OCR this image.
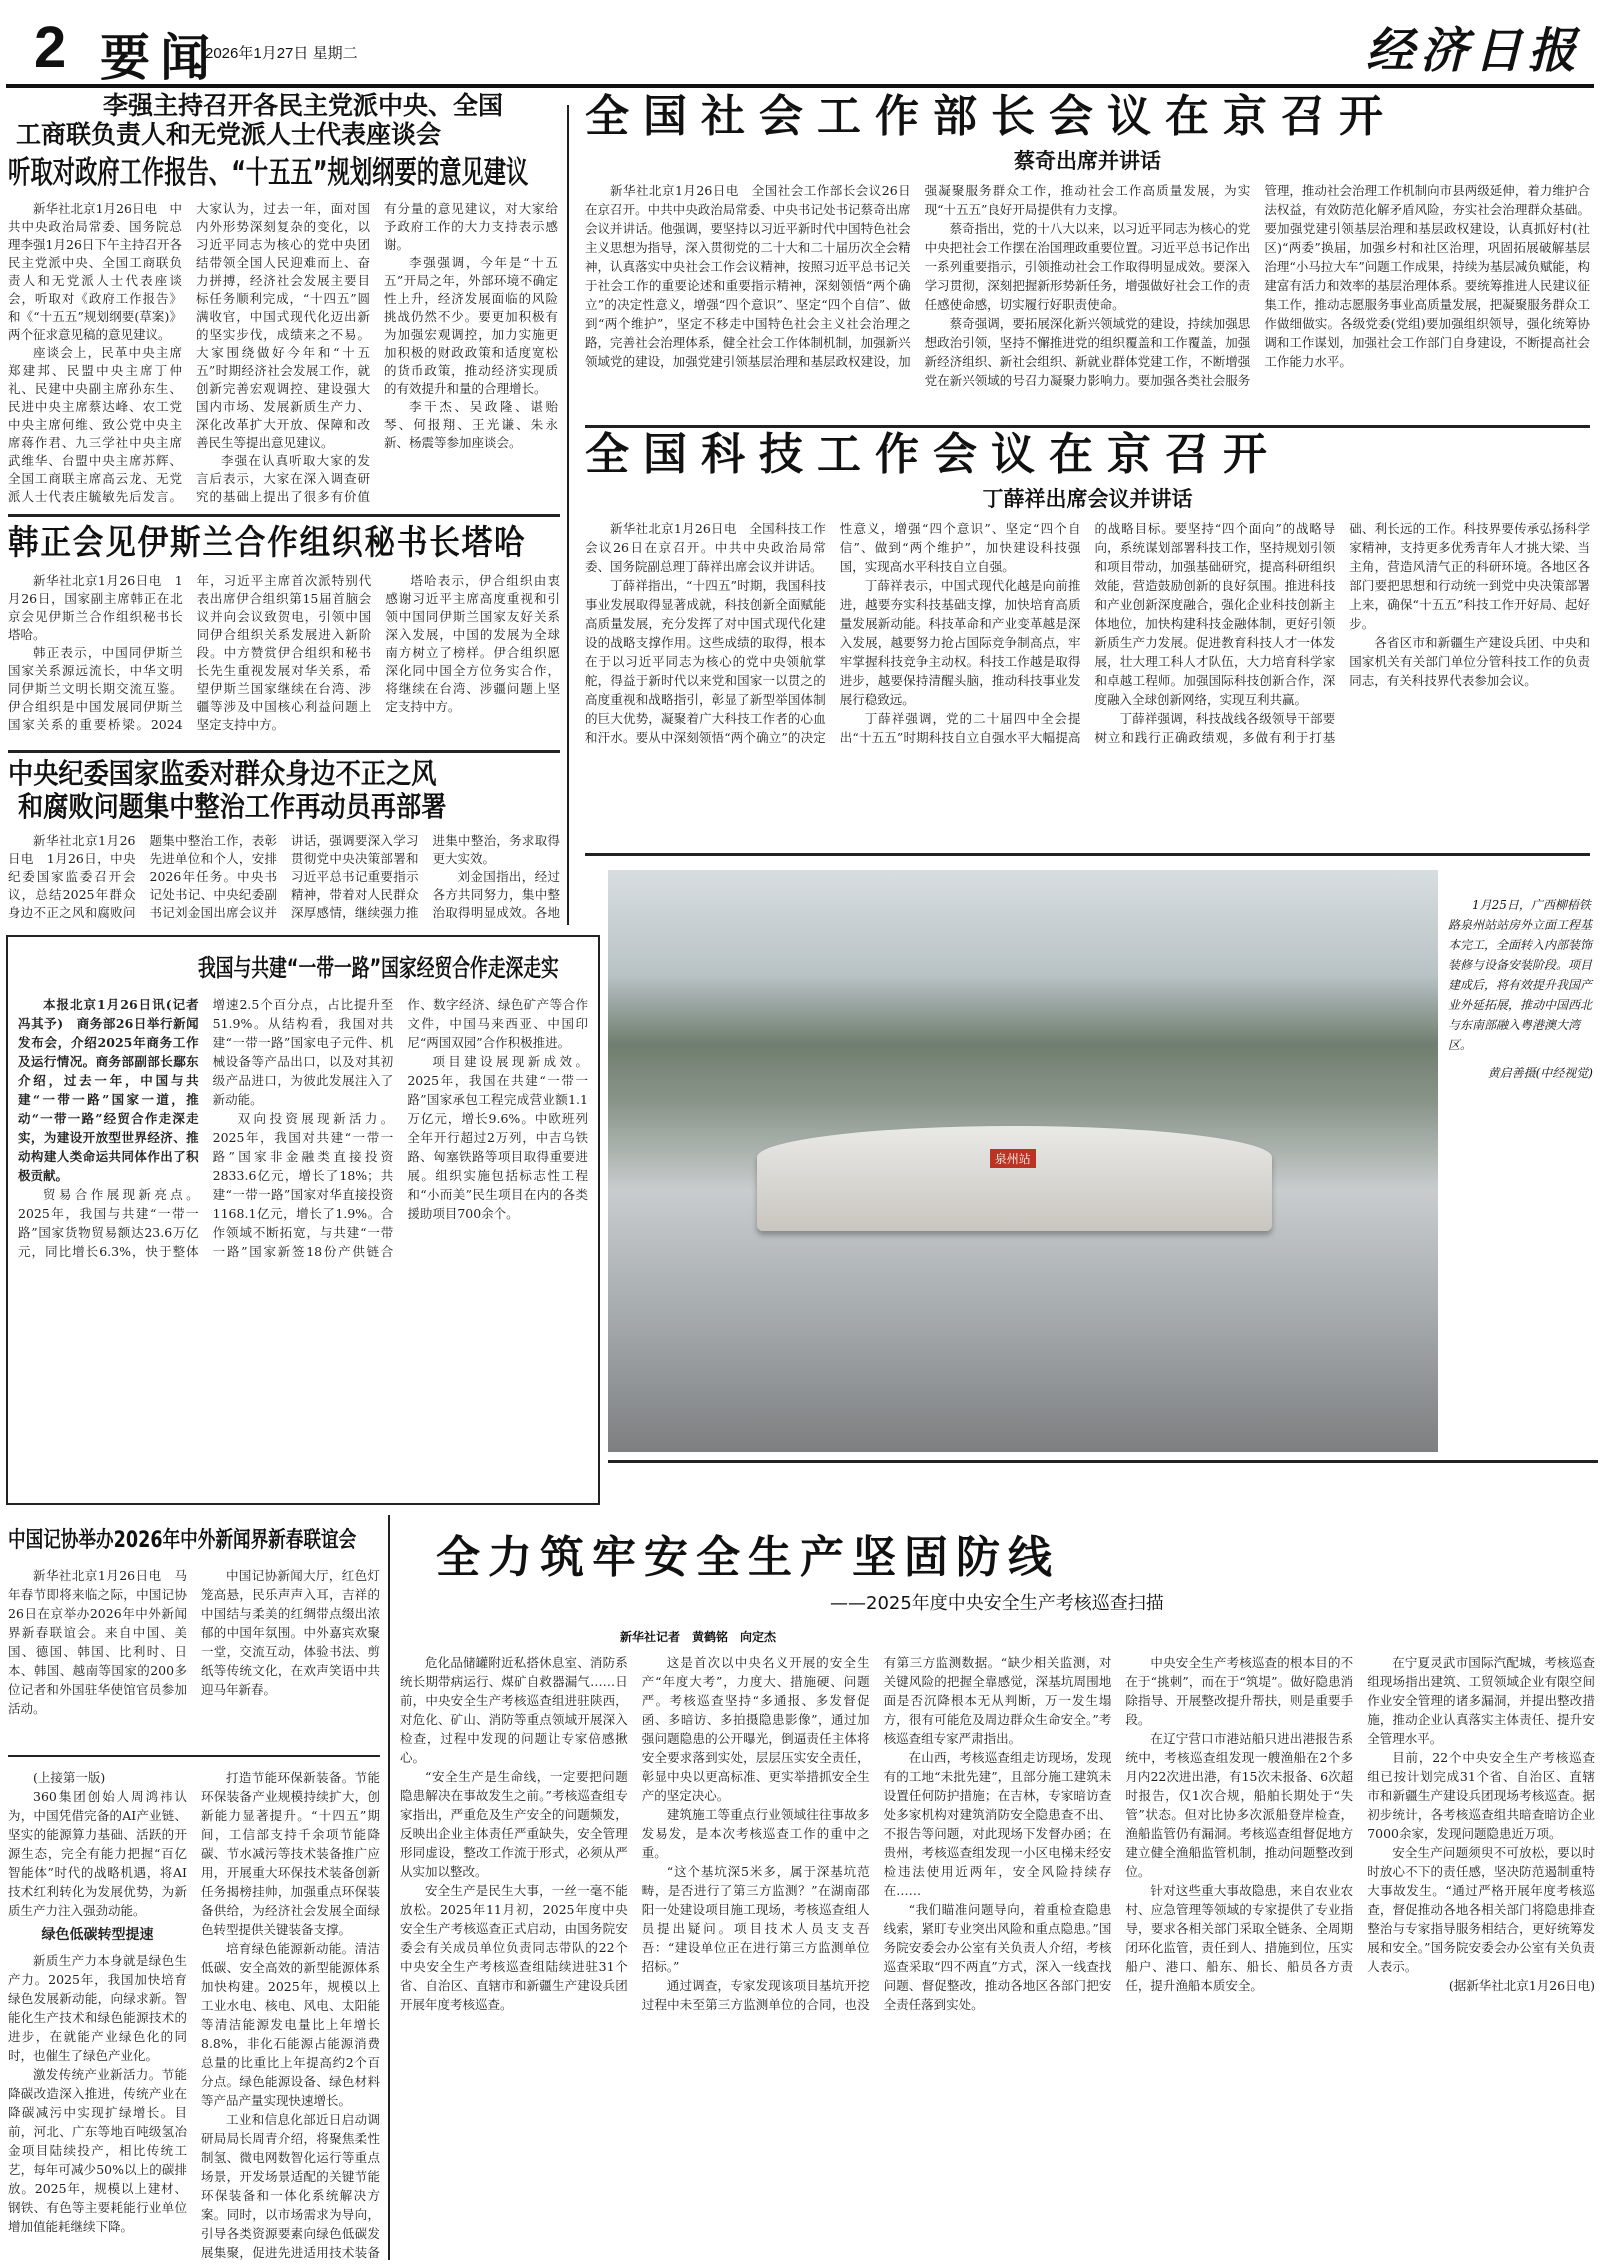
2 要闻
2026年1月27日 星期二	经济日报
李强主持召开各民主党派中央、全国
工商联负责人和无党派人士代表座谈会
听取对政府工作报告、“十五五”规划纲要的意见建议

新华社北京1月26日电　中共中央政治局常委、国务院总理李强1月26日下午主持召开各民主党派中央、全国工商联负责人和无党派人士代表座谈会，听取对《政府工作报告》和《“十五五”规划纲要(草案)》两个征求意见稿的意见建议。

座谈会上，民革中央主席郑建邦、民盟中央主席丁仲礼、民建中央副主席孙东生、民进中央主席蔡达峰、农工党中央主席何维、致公党中央主席蒋作君、九三学社中央主席武维华、台盟中央主席苏辉、全国工商联主席高云龙、无党派人士代表庄毓敏先后发言。大家认为，过去一年，面对国内外形势深刻复杂的变化，以习近平同志为核心的党中央团结带领全国人民迎难而上、奋力拼搏，经济社会发展主要目标任务顺利完成，“十四五”圆满收官，中国式现代化迈出新的坚实步伐，成绩来之不易。大家围绕做好今年和“十五五”时期经济社会发展工作，就创新完善宏观调控、建设强大国内市场、发展新质生产力、深化改革扩大开放、保障和改善民生等提出意见建议。

李强在认真听取大家的发言后表示，大家在深入调查研究的基础上提出了很多有价值有分量的意见建议，对大家给予政府工作的大力支持表示感谢。

李强强调，今年是“十五五”开局之年，外部环境不确定性上升，经济发展面临的风险挑战仍然不少。要更加积极有为加强宏观调控，加力实施更加积极的财政政策和适度宽松的货币政策，推动经济实现质的有效提升和量的合理增长。

李干杰、吴政隆、谌贻琴、何报翔、王光谦、朱永新、杨震等参加座谈会。

韩正会见伊斯兰合作组织秘书长塔哈

新华社北京1月26日电　1月26日，国家副主席韩正在北京会见伊斯兰合作组织秘书长塔哈。

韩正表示，中国同伊斯兰国家关系源远流长，中华文明同伊斯兰文明长期交流互鉴。伊合组织是中国发展同伊斯兰国家关系的重要桥梁。2024年，习近平主席首次派特别代表出席伊合组织第15届首脑会议并向会议致贺电，引领中国同伊合组织关系发展进入新阶段。中方赞赏伊合组织和秘书长先生重视发展对华关系，希望伊斯兰国家继续在台湾、涉疆等涉及中国核心利益问题上坚定支持中方。

塔哈表示，伊合组织由衷感谢习近平主席高度重视和引领中国同伊斯兰国家友好关系深入发展，中国的发展为全球南方树立了榜样。伊合组织愿深化同中国全方位务实合作，将继续在台湾、涉疆问题上坚定支持中方。

中央纪委国家监委对群众身边不正之风
和腐败问题集中整治工作再动员再部署

新华社北京1月26日电　1月26日，中央纪委国家监委召开会议，总结2025年群众身边不正之风和腐败问题集中整治工作，表彰先进单位和个人，安排2026年任务。中央书记处书记、中央纪委副书记刘金国出席会议并讲话，强调要深入学习贯彻党中央决策部署和习近平总书记重要指示精神，带着对人民群众深厚感情，继续强力推进集中整治，务求取得更大实效。

刘金国指出，经过各方共同努力，集中整治取得明显成效。各地

我国与共建“一带一路”国家经贸合作走深走实

本报北京1月26日讯(记者冯其予)　商务部26日举行新闻发布会，介绍2025年商务工作及运行情况。商务部副部长鄢东介绍，过去一年，中国与共建“一带一路”国家一道，推动“一带一路”经贸合作走深走实，为建设开放型世界经济、推动构建人类命运共同体作出了积极贡献。

贸易合作展现新亮点。2025年，我国与共建“一带一路”国家货物贸易额达23.6万亿元，同比增长6.3%，快于整体增速2.5个百分点，占比提升至51.9%。从结构看，我国对共建“一带一路”国家电子元件、机械设备等产品出口，以及对其初级产品进口，为彼此发展注入了新动能。

双向投资展现新活力。2025年，我国对共建“一带一路”国家非金融类直接投资2833.6亿元，增长了18%；共建“一带一路”国家对华直接投资1168.1亿元，增长了1.9%。合作领域不断拓宽，与共建“一带一路”国家新签18份产供链合作、数字经济、绿色矿产等合作文件，中国马来西亚、中国印尼“两国双园”合作积极推进。

项目建设展现新成效。2025年，我国在共建“一带一路”国家承包工程完成营业额1.1万亿元，增长9.6%。中欧班列全年开行超过2万列，中吉乌铁路、匈塞铁路等项目取得重要进展。组织实施包括标志性工程和“小而美”民生项目在内的各类援助项目700余个。

全国社会工作部长会议在京召开
蔡奇出席并讲话

新华社北京1月26日电　全国社会工作部长会议26日在京召开。中共中央政治局常委、中央书记处书记蔡奇出席会议并讲话。他强调，要坚持以习近平新时代中国特色社会主义思想为指导，深入贯彻党的二十大和二十届历次全会精神，认真落实中央社会工作会议精神，按照习近平总书记关于社会工作的重要论述和重要指示精神，深刻领悟“两个确立”的决定性意义，增强“四个意识”、坚定“四个自信”、做到“两个维护”，坚定不移走中国特色社会主义社会治理之路，完善社会治理体系，健全社会工作体制机制，加强新兴领域党的建设，加强党建引领基层治理和基层政权建设，加强凝聚服务群众工作，推动社会工作高质量发展，为实现“十五五”良好开局提供有力支撑。

蔡奇指出，党的十八大以来，以习近平同志为核心的党中央把社会工作摆在治国理政重要位置。习近平总书记作出一系列重要指示，引领推动社会工作取得明显成效。要深入学习贯彻，深刻把握新形势新任务，增强做好社会工作的责任感使命感，切实履行好职责使命。

蔡奇强调，要拓展深化新兴领域党的建设，持续加强思想政治引领，坚持不懈推进党的组织覆盖和工作覆盖，加强新经济组织、新社会组织、新就业群体党建工作，不断增强党在新兴领域的号召力凝聚力影响力。要加强各类社会服务管理，推动社会治理工作机制向市县两级延伸，着力维护合法权益，有效防范化解矛盾风险，夯实社会治理群众基础。要加强党建引领基层治理和基层政权建设，认真抓好村(社区)“两委”换届，加强乡村和社区治理，巩固拓展破解基层治理“小马拉大车”问题工作成果，持续为基层减负赋能，构建富有活力和效率的基层治理体系。要统筹推进人民建议征集工作，推动志愿服务事业高质量发展，把凝聚服务群众工作做细做实。各级党委(党组)要加强组织领导，强化统筹协调和工作谋划，加强社会工作部门自身建设，不断提高社会工作能力水平。

全国科技工作会议在京召开
丁薛祥出席会议并讲话

新华社北京1月26日电　全国科技工作会议26日在京召开。中共中央政治局常委、国务院副总理丁薛祥出席会议并讲话。

丁薛祥指出，“十四五”时期，我国科技事业发展取得显著成就，科技创新全面赋能高质量发展，充分发挥了对中国式现代化建设的战略支撑作用。这些成绩的取得，根本在于以习近平同志为核心的党中央领航掌舵，得益于新时代以来党和国家一以贯之的高度重视和战略指引，彰显了新型举国体制的巨大优势，凝聚着广大科技工作者的心血和汗水。要从中深刻领悟“两个确立”的决定性意义，增强“四个意识”、坚定“四个自信”、做到“两个维护”，加快建设科技强国，实现高水平科技自立自强。

丁薛祥表示，中国式现代化越是向前推进，越要夯实科技基础支撑，加快培育高质量发展新动能。科技革命和产业变革越是深入发展，越要努力抢占国际竞争制高点，牢牢掌握科技竞争主动权。科技工作越是取得进步，越要保持清醒头脑，推动科技事业发展行稳致远。

丁薛祥强调，党的二十届四中全会提出“十五五”时期科技自立自强水平大幅提高的战略目标。要坚持“四个面向”的战略导向，系统谋划部署科技工作，坚持规划引领和项目带动，加强基础研究，提高科研组织效能，营造鼓励创新的良好氛围。推进科技和产业创新深度融合，强化企业科技创新主体地位，加快构建科技金融体制，更好引领新质生产力发展。促进教育科技人才一体发展，壮大理工科人才队伍，大力培育科学家和卓越工程师。加强国际科技创新合作，深度融入全球创新网络，实现互利共赢。

丁薛祥强调，科技战线各级领导干部要树立和践行正确政绩观，多做有利于打基础、利长远的工作。科技界要传承弘扬科学家精神，支持更多优秀青年人才挑大梁、当主角，营造风清气正的科研环境。各地区各部门要把思想和行动统一到党中央决策部署上来，确保“十五五”科技工作开好局、起好步。

各省区市和新疆生产建设兵团、中央和国家机关有关部门单位分管科技工作的负责同志，有关科技界代表参加会议。

泉州站

1月25日，广西柳梧铁路泉州站站房外立面工程基本完工，全面转入内部装饰装修与设备安装阶段。项目建成后，将有效提升我国产业外延拓展，推动中国西北与东南部融入粤港澳大湾区。

黄启善摄(中经视觉)

中国记协举办2026年中外新闻界新春联谊会

新华社北京1月26日电　马年春节即将来临之际，中国记协26日在京举办2026年中外新闻界新春联谊会。来自中国、美国、德国、韩国、比利时、日本、韩国、越南等国家的200多位记者和外国驻华使馆官员参加活动。

中国记协新闻大厅，红色灯笼高悬，民乐声声入耳，吉祥的中国结与柔美的红绸带点缀出浓郁的中国年氛围。中外嘉宾欢聚一堂，交流互动，体验书法、剪纸等传统文化，在欢声笑语中共迎马年新春。

(上接第一版)

360集团创始人周鸿祎认为，中国凭借完备的AI产业链、坚实的能源算力基础、活跃的开源生态，完全有能力把握“百亿智能体”时代的战略机遇，将AI技术红利转化为发展优势，为新质生产力注入强劲动能。

绿色低碳转型提速

新质生产力本身就是绿色生产力。2025年，我国加快培育绿色发展新动能，向绿求新。智能化生产技术和绿色能源技术的进步，在就能产业绿色化的同时，也催生了绿色产业化。

激发传统产业新活力。节能降碳改造深入推进，传统产业在降碳减污中实现扩绿增长。目前，河北、广东等地百吨级氢冶金项目陆续投产，相比传统工艺，每年可减少50%以上的碳排放。2025年，规模以上建材、钢铁、有色等主要耗能行业单位增加值能耗继续下降。

打造节能环保新装备。节能环保装备产业规模持续扩大，创新能力显著提升。“十四五”期间，工信部支持千余项节能降碳、节水减污等技术装备推广应用，开展重大环保技术装备创新任务揭榜挂帅，加强重点环保装备供给，为经济社会发展全面绿色转型提供关键装备支撑。

培育绿色能源新动能。清洁低碳、安全高效的新型能源体系加快构建。2025年，规模以上工业水电、核电、风电、太阳能等清洁能源发电量比上年增长8.8%，非化石能源占能源消费总量的比重比上年提高约2个百分点。绿色能源设备、绿色材料等产品产量实现快速增长。

工业和信息化部近日启动调研局局长周青介绍，将聚焦柔性制氢、微电网数智化运行等重点场景，开发场景适配的关键节能环保装备和一体化系统解决方案。同时，以市场需求为导向，引导各类资源要素向绿色低碳发展集聚，促进先进适用技术装备

全力筑牢安全生产坚固防线
——2025年度中央安全生产考核巡查扫描
新华社记者　黄鹤铭　向定杰

危化品储罐附近私搭休息室、消防系统长期带病运行、煤矿自救器漏气……日前，中央安全生产考核巡查组进驻陕西，对危化、矿山、消防等重点领域开展深入检查，过程中发现的问题让专家倍感揪心。

“安全生产是生命线，一定要把问题隐患解决在事故发生之前。”考核巡查组专家指出，严重危及生产安全的问题频发，反映出企业主体责任严重缺失，安全管理形同虚设，整改工作流于形式，必须从严从实加以整改。

安全生产是民生大事，一丝一毫不能放松。2025年11月初，2025年度中央安全生产考核巡查正式启动，由国务院安委会有关成员单位负责同志带队的22个中央安全生产考核巡查组陆续进驻31个省、自治区、直辖市和新疆生产建设兵团开展年度考核巡查。

这是首次以中央名义开展的安全生产“年度大考”，力度大、措施硬、问题严。考核巡查坚持“多通报、多发督促函、多暗访、多拍摄隐患影像”，通过加强问题隐患的公开曝光，倒逼责任主体将安全要求落到实处，层层压实安全责任，彰显中央以更高标准、更实举措抓安全生产的坚定决心。

建筑施工等重点行业领域往往事故多发易发，是本次考核巡查工作的重中之重。

“这个基坑深5米多，属于深基坑范畴，是否进行了第三方监测？”在湖南邵阳一处建设项目施工现场，考核巡查组人员提出疑问。项目技术人员支支吾吾：“建设单位正在进行第三方监测单位招标。”

通过调查，专家发现该项目基坑开挖过程中未至第三方监测单位的合同，也没有第三方监测数据。“缺少相关监测，对关键风险的把握全靠感觉，深基坑周围地面是否沉降根本无从判断，万一发生塌方，很有可能危及周边群众生命安全。”考核巡查组专家严肃指出。

在山西，考核巡查组走访现场，发现有的工地“未批先建”，且部分施工建筑未设置任何防护措施；在吉林，专家暗访查处多家机构对建筑消防安全隐患查不出、不报告等问题，对此现场下发督办函；在贵州，考核巡查组发现一小区电梯未经安检违法使用近两年，安全风险持续存在……

“我们瞄准问题导向，着重检查隐患线索，紧盯专业突出风险和重点隐患。”国务院安委会办公室有关负责人介绍，考核巡查采取“四不两直”方式，深入一线查找问题、督促整改，推动各地区各部门把安全责任落到实处。

中央安全生产考核巡查的根本目的不在于“挑刺”，而在于“筑堤”。做好隐患消除指导、开展整改提升帮扶，则是重要手段。

在辽宁营口市港站船只进出港报告系统中，考核巡查组发现一艘渔船在2个多月内22次进出港，有15次未报备、6次超时报告，仅1次合规，船舶长期处于“失管”状态。但对比协多次派船登岸检查，渔船监管仍有漏洞。考核巡查组督促地方建立健全渔船监管机制，推动问题整改到位。

针对这些重大事故隐患，来自农业农村、应急管理等领域的专家提供了专业指导，要求各相关部门采取全链条、全周期闭环化监管，责任到人、措施到位，压实船户、港口、船东、船长、船员各方责任，提升渔船本质安全。

在宁夏灵武市国际汽配城，考核巡查组现场指出建筑、工贸领域企业有限空间作业安全管理的诸多漏洞，并提出整改措施，推动企业认真落实主体责任、提升安全管理水平。

目前，22个中央安全生产考核巡查组已按计划完成31个省、自治区、直辖市和新疆生产建设兵团现场考核巡查。据初步统计，各考核巡查组共暗查暗访企业7000余家，发现问题隐患近万项。

安全生产问题须臾不可放松，要以时时放心不下的责任感，坚决防范遏制重特大事故发生。“通过严格开展年度考核巡查，督促推动各地各相关部门将隐患排查整治与专家指导服务相结合，更好统筹发展和安全。”国务院安委会办公室有关负责人表示。

(据新华社北京1月26日电)
